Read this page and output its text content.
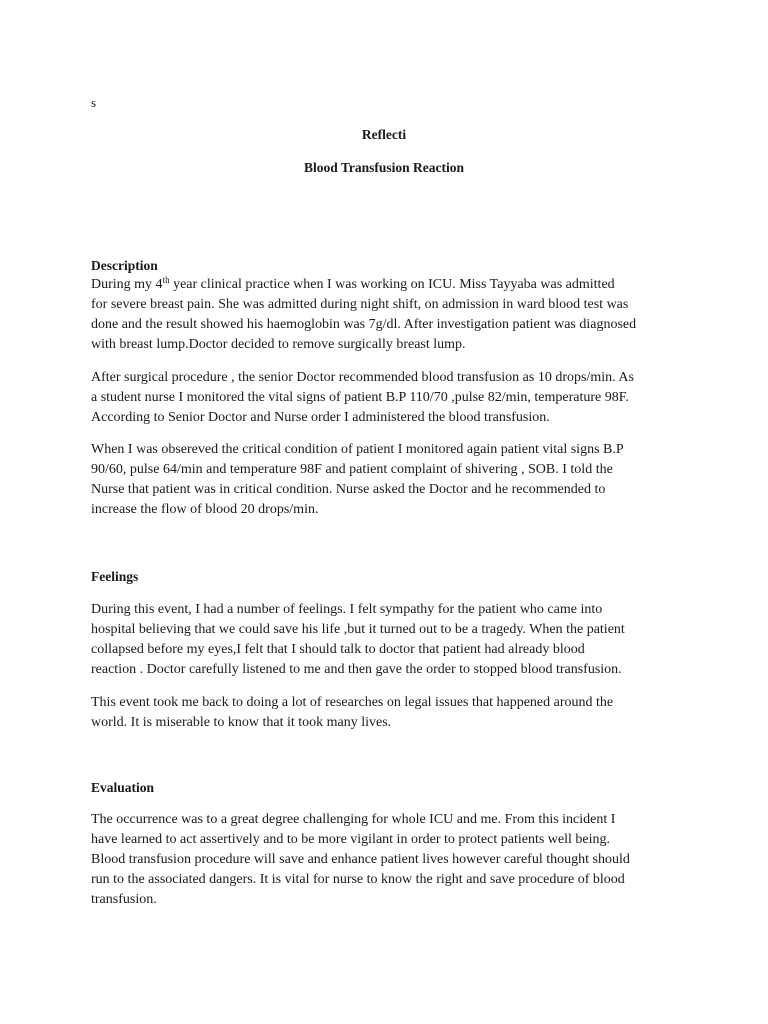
s
Reflecti
Blood Transfusion Reaction
Description
During my 4th year clinical practice when I was working on ICU. Miss Tayyaba was admitted
for severe breast pain. She was admitted during night shift, on admission in ward blood test was
done and the result showed his haemoglobin was 7g/dl. After investigation patient was diagnosed
with breast lump.Doctor decided to remove surgically breast lump.
After surgical procedure , the senior Doctor recommended blood transfusion as 10 drops/min. As
a student nurse I monitored the vital signs of patient B.P 110/70 ,pulse 82/min, temperature 98F.
According to Senior Doctor and Nurse order I administered the blood transfusion.
When I was obsereved the critical condition of patient I monitored again patient vital signs B.P
90/60, pulse 64/min and temperature 98F and patient complaint of shivering , SOB. I told the
Nurse that patient was in critical condition. Nurse asked the Doctor and he recommended to
increase the flow of blood 20 drops/min.
Feelings
During this event, I had a number of feelings. I felt sympathy for the patient who came into
hospital believing that we could save his life ,but it turned out to be a tragedy. When the patient
collapsed before my eyes,I felt that I should talk to doctor that patient had already blood
reaction . Doctor carefully listened to me and then gave the order to stopped blood transfusion.
This event took me back to doing a lot of researches on legal issues that happened around the
world. It is miserable to know that it took many lives.
Evaluation
The occurrence was to a great degree challenging for whole ICU and me. From this incident I
have learned to act assertively and to be more vigilant in order to protect patients well being.
Blood transfusion procedure will save and enhance patient lives however careful thought should
run to the associated dangers. It is vital for nurse to know the right and save procedure of blood
transfusion.
